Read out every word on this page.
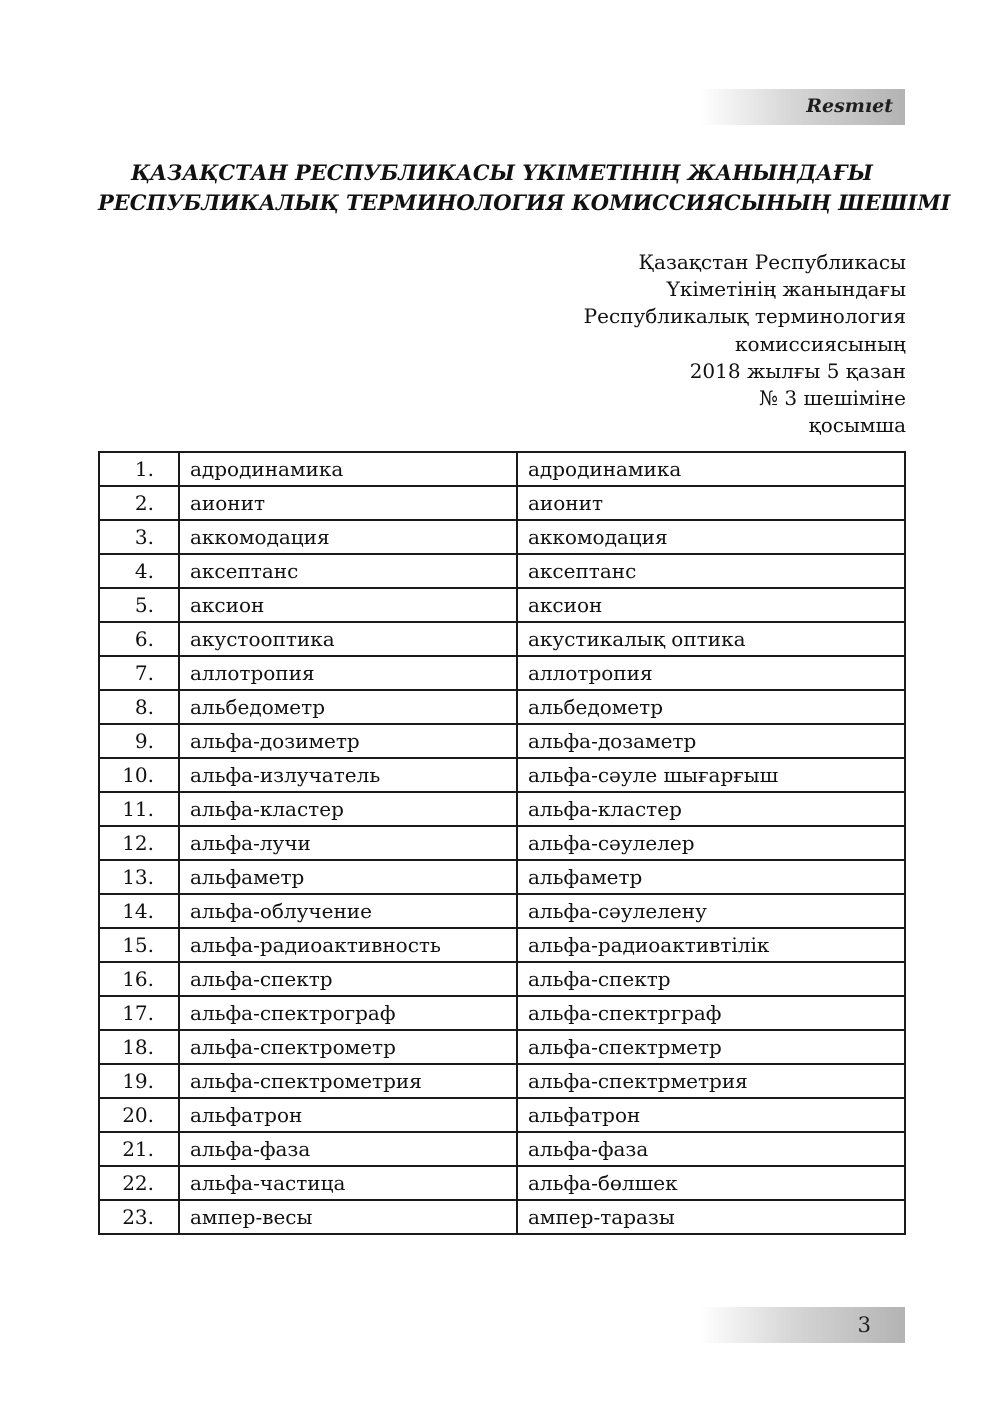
Resmıet
ҚАЗАҚСТАН РЕСПУБЛИКАСЫ ҮКІМЕТІНІҢ ЖАНЫНДАҒЫ
РЕСПУБЛИКАЛЫҚ ТЕРМИНОЛОГИЯ КОМИССИЯСЫНЫҢ ШЕШІМІ
Қазақстан Республикасы
Үкіметінің жанындағы
Республикалық терминология
комиссиясының
2018 жылғы 5 қазан
№ 3 шешіміне
қосымша
1.	адродинамика	адродинамика
2.	аионит	аионит
3.	аккомодация	аккомодация
4.	аксептанс	аксептанс
5.	аксион	аксион
6.	акустооптика	акустикалық оптика
7.	аллотропия	аллотропия
8.	альбедометр	альбедометр
9.	альфа-дозиметр	альфа-дозаметр
10.	альфа-излучатель	альфа-сәуле шығарғыш
11.	альфа-кластер	альфа-кластер
12.	альфа-лучи	альфа-сәулелер
13.	альфаметр	альфаметр
14.	альфа-облучение	альфа-сәулелену
15.	альфа-радиоактивность	альфа-радиоактивтілік
16.	альфа-спектр	альфа-спектр
17.	альфа-спектрограф	альфа-спектрграф
18.	альфа-спектрометр	альфа-спектрметр
19.	альфа-спектрометрия	альфа-спектрметрия
20.	альфатрон	альфатрон
21.	альфа-фаза	альфа-фаза
22.	альфа-частица	альфа-бөлшек
23.	ампер-весы	ампер-таразы
3
